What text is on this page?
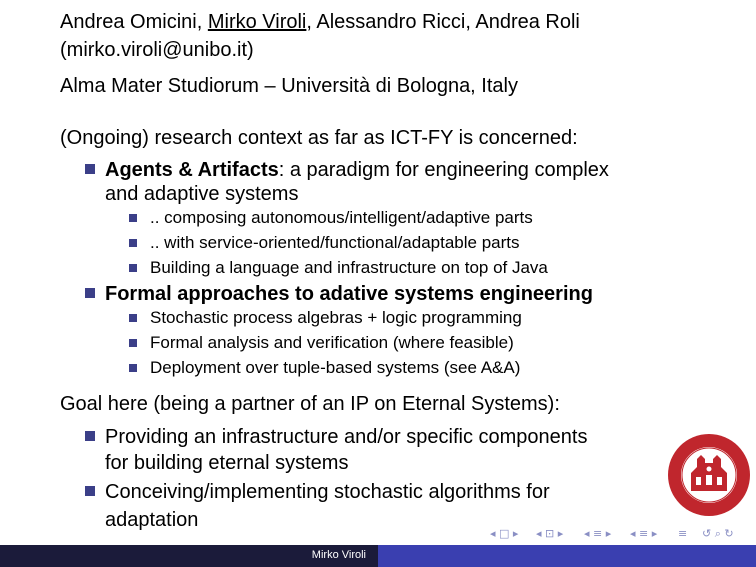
Andrea Omicini, Mirko Viroli, Alessandro Ricci, Andrea Roli
(mirko.viroli@unibo.it)
Alma Mater Studiorum – Università di Bologna, Italy
(Ongoing) research context as far as ICT-FY is concerned:
Agents & Artifacts: a paradigm for engineering complex
and adaptive systems
.. composing autonomous/intelligent/adaptive parts
.. with service-oriented/functional/adaptable parts
Building a language and infrastructure on top of Java
Formal approaches to adative systems engineering
Stochastic process algebras + logic programming
Formal analysis and verification (where feasible)
Deployment over tuple-based systems (see A&A)
Goal here (being a partner of an IP on Eternal Systems):
Providing an infrastructure and/or specific components
for building eternal systems
Conceiving/implementing stochastic algorithms for
adaptation
◂ □ ▸ ◂ ⊡ ▸ ◂ ≡ ▸ ◂ ≡ ▸ ≡ ↺ ⌕ ↻
Mirko Viroli
